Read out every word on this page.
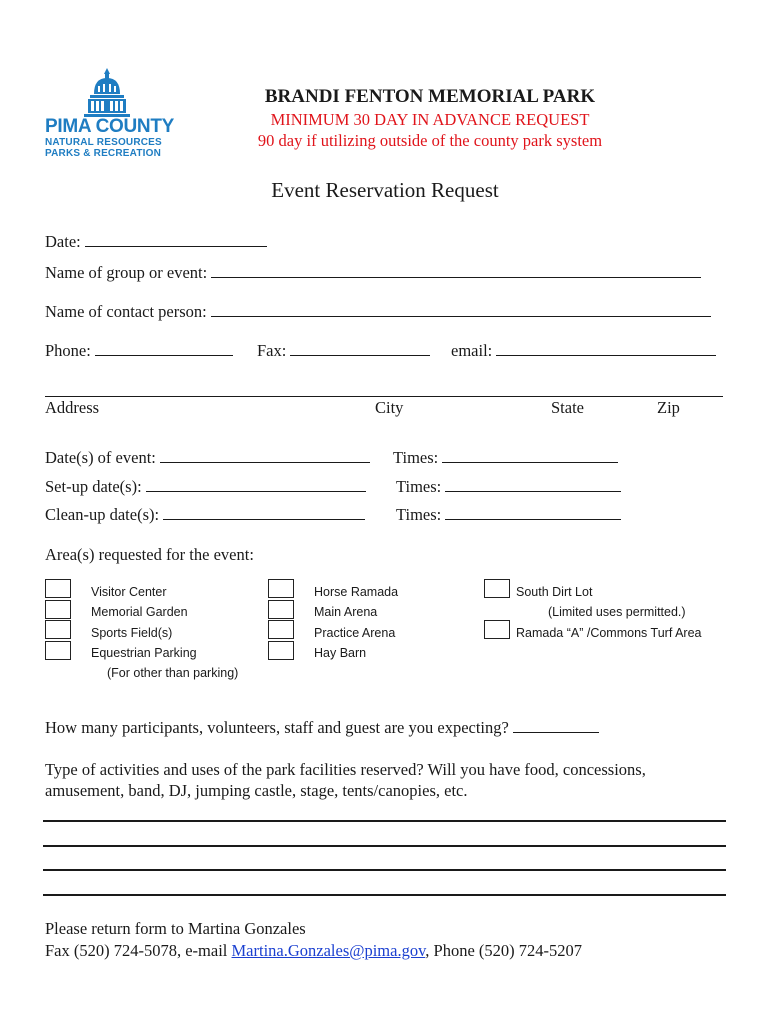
PIMA COUNTY
NATURAL RESOURCES
PARKS & RECREATION
BRANDI FENTON MEMORIAL PARK
MINIMUM 30 DAY IN ADVANCE REQUEST
90 day if utilizing outside of the county park system
Event Reservation Request
Date:
Name of group or event:
Name of contact person:
Phone:	Fax:	email:
Address	City	State	Zip
Date(s) of event:	Times:
Set-up date(s):	Times:
Clean-up date(s):	Times:
Area(s) requested for the event:
Visitor Center
Memorial Garden
Sports Field(s)
Equestrian Parking
(For other than parking)
Horse Ramada
Main Arena
Practice Arena
Hay Barn
South Dirt Lot
(Limited uses permitted.)
Ramada “A” /Commons Turf Area
How many participants, volunteers, staff and guest are you expecting?
Type of activities and uses of the park facilities reserved? Will you have food, concessions,
amusement, band, DJ, jumping castle, stage, tents/canopies, etc.
Please return form to Martina Gonzales
Fax (520) 724-5078, e-mail Martina.Gonzales@pima.gov, Phone (520) 724-5207
